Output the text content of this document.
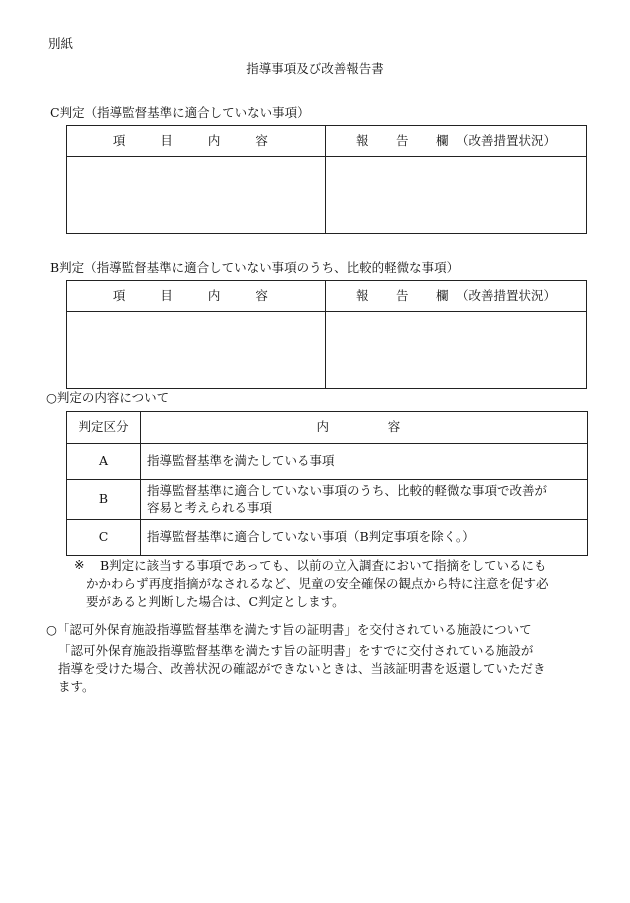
別紙
指導事項及び改善報告書
C判定（指導監督基準に適合していない事項）
項　目　内　容	報　告　欄（改善措置状況）

B判定（指導監督基準に適合していない事項のうち、比較的軽微な事項）
項　目　内　容	報　告　欄（改善措置状況）

○判定の内容について
判定区分	内　　容
A	指導監督基準を満たしている事項
B	指導監督基準に適合していない事項のうち、比較的軽微な事項で改善が
容易と考えられる事項

C	指導監督基準に適合していない事項（B判定事項を除く。）
※ B判定に該当する事項であっても、以前の立入調査において指摘をしているにも
かかわらず再度指摘がなされるなど、児童の安全確保の観点から特に注意を促す必
要があると判断した場合は、C判定とします。
○「認可外保育施設指導監督基準を満たす旨の証明書」を交付されている施設について
「認可外保育施設指導監督基準を満たす旨の証明書」をすでに交付されている施設が
指導を受けた場合、改善状況の確認ができないときは、当該証明書を返還していただき
ます。
